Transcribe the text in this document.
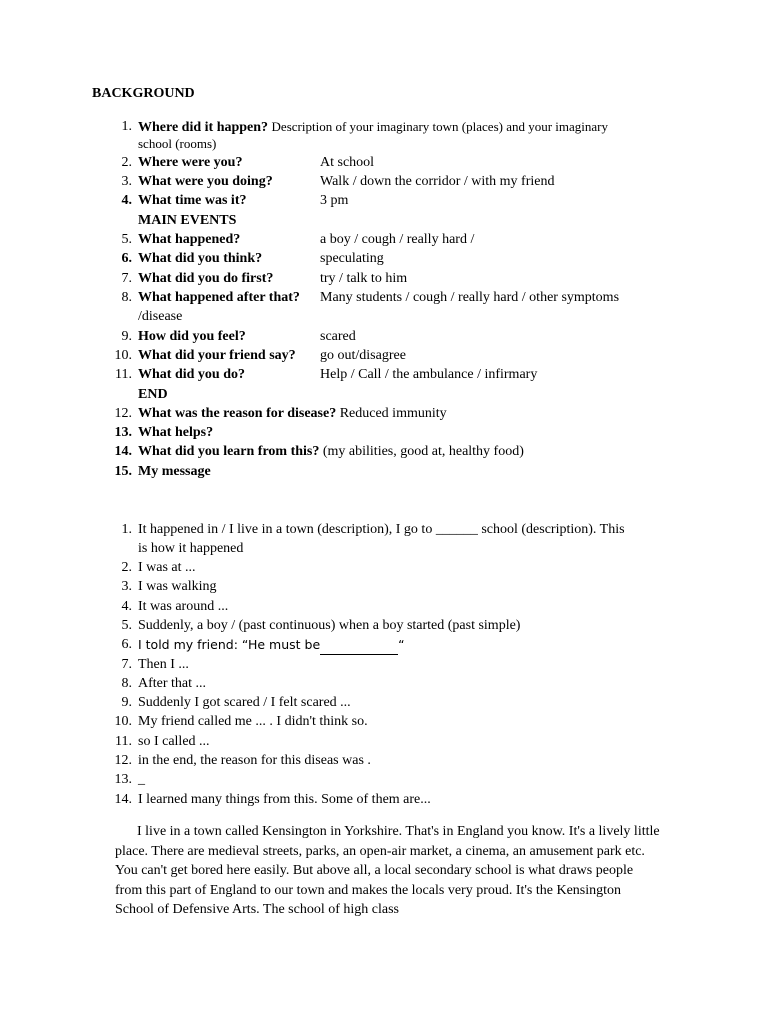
BACKGROUND
1. Where did it happen? Description of your imaginary town (places) and your imaginary
school (rooms)
2. Where were you?	At school
3. What were you doing?	Walk / down the corridor / with my friend
4. What time was it?	3 pm
MAIN EVENTS
5. What happened?	a boy / cough / really hard /
6. What did you think?	speculating
7. What did you do first?	try / talk to him
8. What happened after that? Many students / cough / really hard / other symptoms
/disease
9. How did you feel?	scared
10. What did your friend say? go out/disagree
11. What did you do?	Help / Call / the ambulance / infirmary
END
12. What was the reason for disease? Reduced immunity
13. What helps?
14. What did you learn from this? (my abilities, good at, healthy food)
15. My message
1. It happened in / I live in a town (description), I go to ______ school (description). This
is how it happened
2. I was at ...
3. I was walking
4. It was around ...
5. Suddenly, a boy / (past continuous) when a boy started (past simple)
6. I told my friend: “He must be	“
7. Then I ...
8. After that ...
9. Suddenly I got scared / I felt scared ...
10. My friend called me ... . I didn't think so.
11. so I called ...
12. in the end, the reason for this diseas was .
13. _
14. I learned many things from this. Some of them are...
I live in a town called Kensington in Yorkshire. That's in England you know. It's a lively little place. There are medieval streets, parks, an open-air market, a cinema, an amusement park etc. You can't get bored here easily. But above all, a local secondary school is what draws people from this part of England to our town and makes the locals very proud. It's the Kensington School of Defensive Arts. The school of high class
